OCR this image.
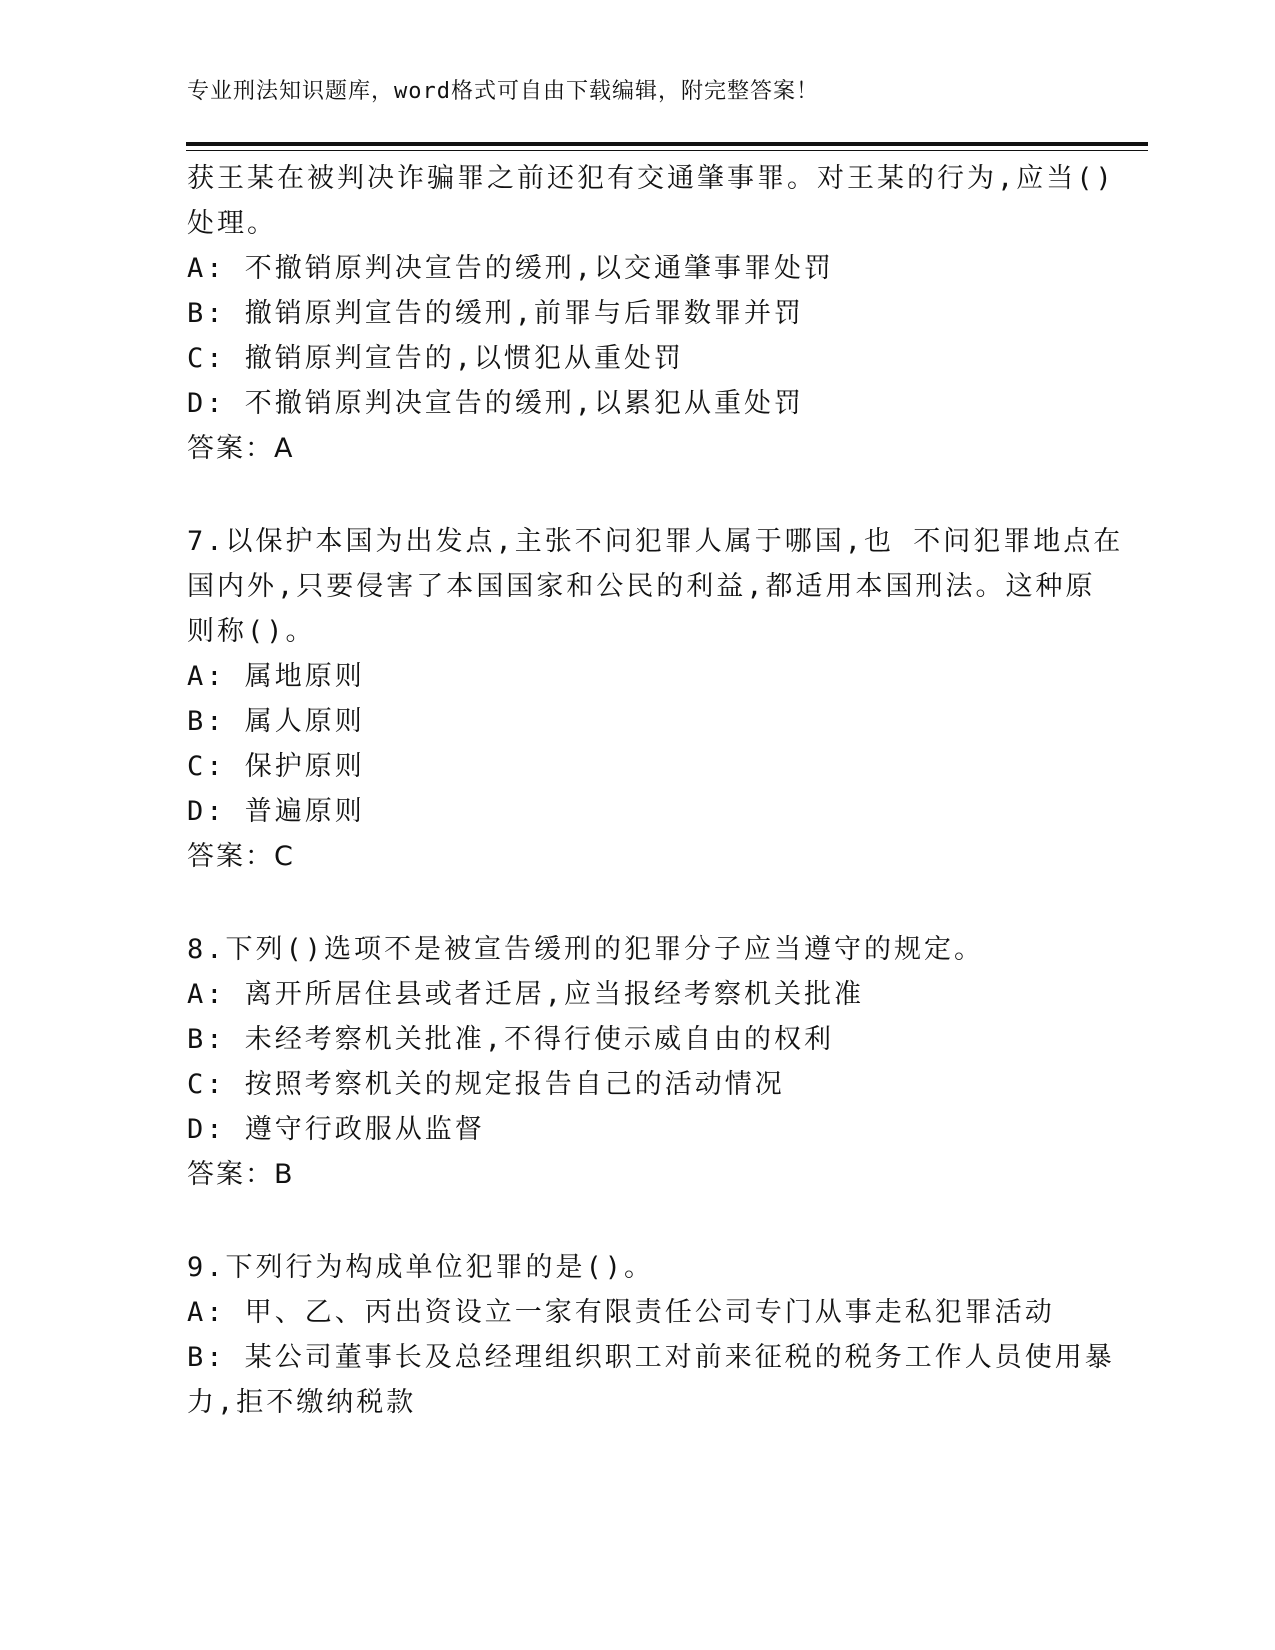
专业刑法知识题库，word格式可自由下载编辑，附完整答案！
获王某在被判决诈骗罪之前还犯有交通肇事罪。对王某的行为,应当()
处理。
A: 不撤销原判决宣告的缓刑,以交通肇事罪处罚
B: 撤销原判宣告的缓刑,前罪与后罪数罪并罚
C: 撤销原判宣告的,以惯犯从重处罚
D: 不撤销原判决宣告的缓刑,以累犯从重处罚
答案：A
7.以保护本国为出发点,主张不问犯罪人属于哪国,也 不问犯罪地点在
国内外,只要侵害了本国国家和公民的利益,都适用本国刑法。这种原
则称()。
A: 属地原则
B: 属人原则
C: 保护原则
D: 普遍原则
答案：C
8.下列()选项不是被宣告缓刑的犯罪分子应当遵守的规定。
A: 离开所居住县或者迁居,应当报经考察机关批准
B: 未经考察机关批准,不得行使示威自由的权利
C: 按照考察机关的规定报告自己的活动情况
D: 遵守行政服从监督
答案：B
9.下列行为构成单位犯罪的是()。
A: 甲、乙、丙出资设立一家有限责任公司专门从事走私犯罪活动
B: 某公司董事长及总经理组织职工对前来征税的税务工作人员使用暴
力,拒不缴纳税款
